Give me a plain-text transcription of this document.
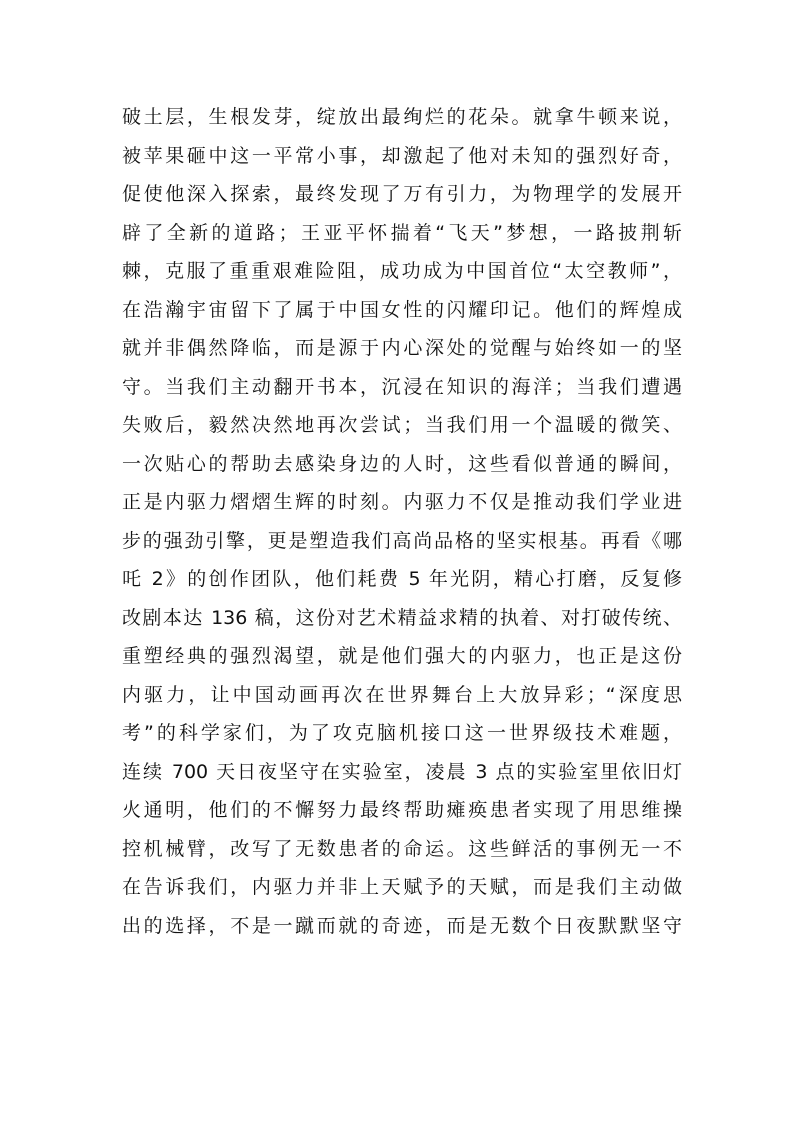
破土层，生根发芽，绽放出最绚烂的花朵。就拿牛顿来说，
被苹果砸中这一平常小事，却激起了他对未知的强烈好奇，
促使他深入探索，最终发现了万有引力，为物理学的发展开
辟了全新的道路；王亚平怀揣着“飞天”梦想，一路披荆斩
棘，克服了重重艰难险阻，成功成为中国首位“太空教师”，
在浩瀚宇宙留下了属于中国女性的闪耀印记。他们的辉煌成
就并非偶然降临，而是源于内心深处的觉醒与始终如一的坚
守。当我们主动翻开书本，沉浸在知识的海洋；当我们遭遇
失败后，毅然决然地再次尝试；当我们用一个温暖的微笑、
一次贴心的帮助去感染身边的人时，这些看似普通的瞬间，
正是内驱力熠熠生辉的时刻。内驱力不仅是推动我们学业进
步的强劲引擎，更是塑造我们高尚品格的坚实根基。再看《哪
吒 2》的创作团队，他们耗费 5 年光阴，精心打磨，反复修
改剧本达 136 稿，这份对艺术精益求精的执着、对打破传统、
重塑经典的强烈渴望，就是他们强大的内驱力，也正是这份
内驱力，让中国动画再次在世界舞台上大放异彩；“深度思
考”的科学家们，为了攻克脑机接口这一世界级技术难题，
连续 700 天日夜坚守在实验室，凌晨 3 点的实验室里依旧灯
火通明，他们的不懈努力最终帮助瘫痪患者实现了用思维操
控机械臂，改写了无数患者的命运。这些鲜活的事例无一不
在告诉我们，内驱力并非上天赋予的天赋，而是我们主动做
出的选择，不是一蹴而就的奇迹，而是无数个日夜默默坚守
